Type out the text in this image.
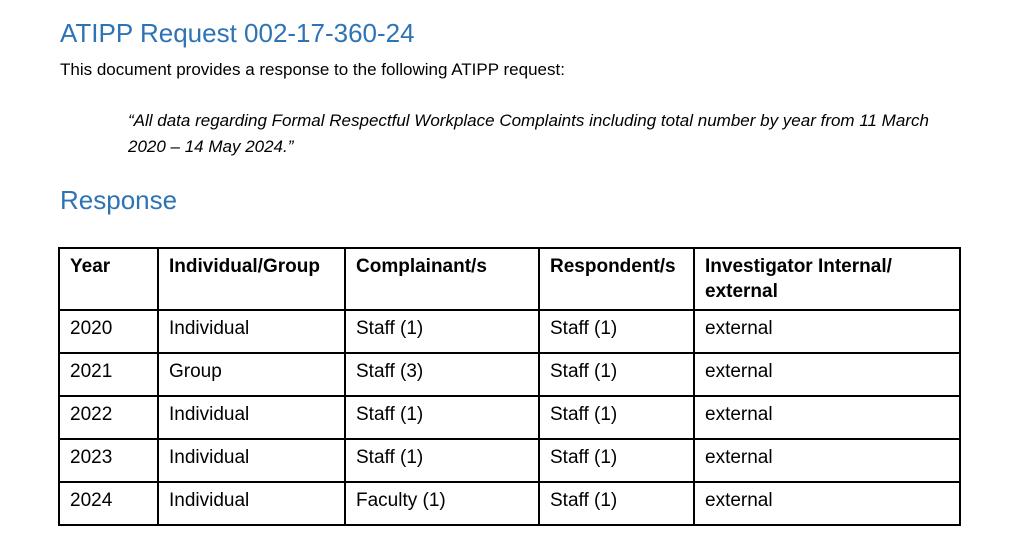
ATIPP Request 002-17-360-24
This document provides a response to the following ATIPP request:
“All data regarding Formal Respectful Workplace Complaints including total number by year from 11 March 2020 – 14 May 2024.”
Response
Year	Individual/Group	Complainant/s	Respondent/s	Investigator Internal/ external
2020	Individual	Staff (1)	Staff (1)	external
2021	Group	Staff (3)	Staff (1)	external
2022	Individual	Staff (1)	Staff (1)	external
2023	Individual	Staff (1)	Staff (1)	external
2024	Individual	Faculty (1)	Staff (1)	external
